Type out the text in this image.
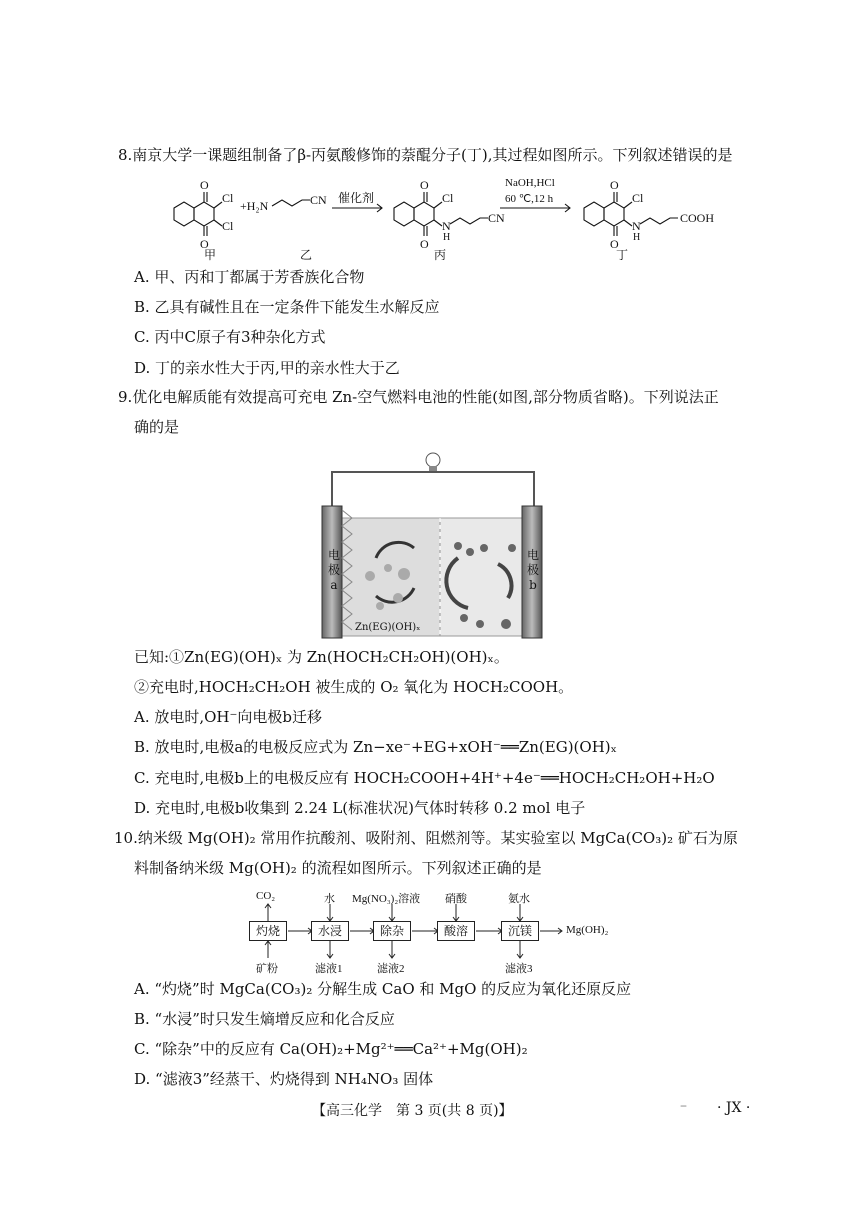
8.南京大学一课题组制备了β-丙氨酸修饰的萘醌分子(丁),其过程如图所示。下列叙述错误的是
O
O
Cl
Cl
+H₂N	CN 催化剂
O
O
Cl
N
H
CN
NaOH,HCl
60 ℃,12 h
O
O
Cl
N
H
COOH
甲	乙	丙	丁
A. 甲、丙和丁都属于芳香族化合物
B. 乙具有碱性且在一定条件下能发生水解反应
C. 丙中C原子有3种杂化方式
D. 丁的亲水性大于丙,甲的亲水性大于乙
9.优化电解质能有效提高可充电 Zn-空气燃料电池的性能(如图,部分物质省略)。下列说法正
确的是
电极a
电极b
Zn(EG)(OH)ₓ
已知:①Zn(EG)(OH)ₓ 为 Zn(HOCH₂CH₂OH)(OH)ₓ。
②充电时,HOCH₂CH₂OH 被生成的 O₂ 氧化为 HOCH₂COOH。
A. 放电时,OH⁻向电极b迁移
B. 放电时,电极a的电极反应式为 Zn−xe⁻+EG+xOH⁻══Zn(EG)(OH)ₓ
C. 充电时,电极b上的电极反应有 HOCH₂COOH+4H⁺+4e⁻══HOCH₂CH₂OH+H₂O
D. 充电时,电极b收集到 2.24 L(标准状况)气体时转移 0.2 mol 电子
10.纳米级 Mg(OH)₂ 常用作抗酸剂、吸附剂、阻燃剂等。某实验室以 MgCa(CO₃)₂ 矿石为原
料制备纳米级 Mg(OH)₂ 的流程如图所示。下列叙述正确的是
灼烧	水浸	除杂	酸溶	沉镁
CO₂	水 Mg(NO₃)₂溶液 硝酸	氨水
矿粉	滤液1	滤液2	滤液3
Mg(OH)₂
A. “灼烧”时 MgCa(CO₃)₂ 分解生成 CaO 和 MgO 的反应为氧化还原反应
B. “水浸”时只发生熵增反应和化合反应
C. “除杂”中的反应有 Ca(OH)₂+Mg²⁺══Ca²⁺+Mg(OH)₂
D. “滤液3”经蒸干、灼烧得到 NH₄NO₃ 固体
【高三化学　第 3 页(共 8 页)】	– · JX ·
